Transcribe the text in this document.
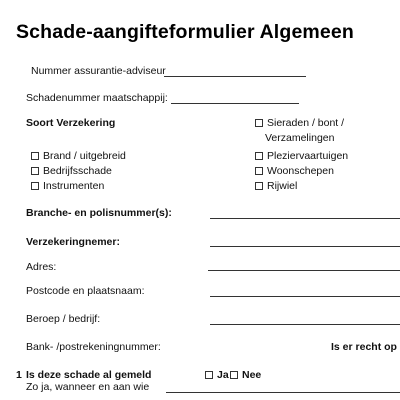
Schade-aangifteformulier Algemeen
Nummer assurantie-adviseur
Schadenummer maatschappij:
Soort Verzekering
Brand / uitgebreid
Bedrijfsschade
Instrumenten
Sieraden / bont /
Verzamelingen
Pleziervaartuigen
Woonschepen
Rijwiel
Branche- en polisnummer(s):
Verzekeringnemer:
Adres:
Postcode en plaatsnaam:
Beroep / bedrijf:
Bank- /postrekeningnummer:	Is er recht op
1 Is deze schade al gemeld
Zo ja, wanneer en aan wie
Ja Nee
